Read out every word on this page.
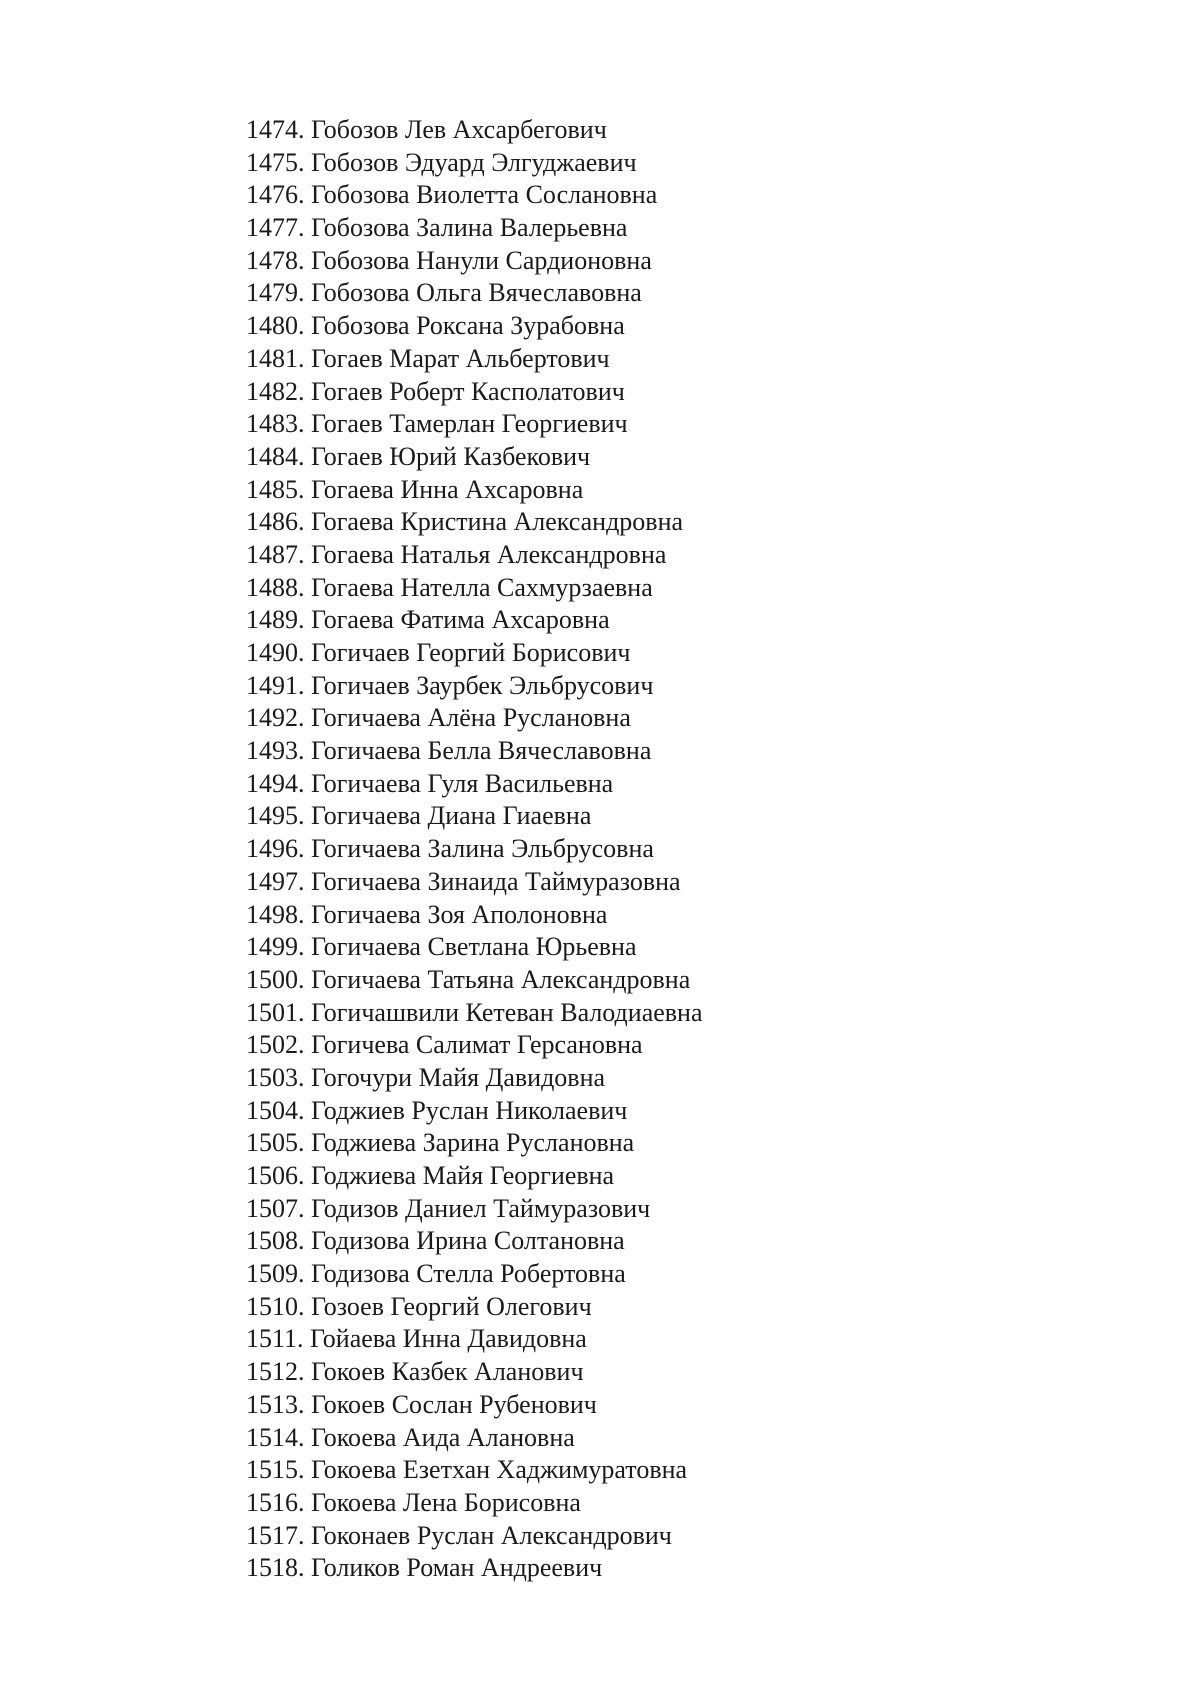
1474. Гобозов Лев Ахсарбегович
1475. Гобозов Эдуард Элгуджаевич
1476. Гобозова Виолетта Сослановна
1477. Гобозова Залина Валерьевна
1478. Гобозова Нанули Сардионовна
1479. Гобозова Ольга Вячеславовна
1480. Гобозова Роксана Зурабовна
1481. Гогаев Марат Альбертович
1482. Гогаев Роберт Касполатович
1483. Гогаев Тамерлан Георгиевич
1484. Гогаев Юрий Казбекович
1485. Гогаева Инна Ахсаровна
1486. Гогаева Кристина Александровна
1487. Гогаева Наталья Александровна
1488. Гогаева Нателла Сахмурзаевна
1489. Гогаева Фатима Ахсаровна
1490. Гогичаев Георгий Борисович
1491. Гогичаев Заурбек Эльбрусович
1492. Гогичаева Алёна Руслановна
1493. Гогичаева Белла Вячеславовна
1494. Гогичаева Гуля Васильевна
1495. Гогичаева Диана Гиаевна
1496. Гогичаева Залина Эльбрусовна
1497. Гогичаева Зинаида Таймуразовна
1498. Гогичаева Зоя Аполоновна
1499. Гогичаева Светлана Юрьевна
1500. Гогичаева Татьяна Александровна
1501. Гогичашвили Кетеван Валодиаевна
1502. Гогичева Салимат Герсановна
1503. Гогочури Майя Давидовна
1504. Годжиев Руслан Николаевич
1505. Годжиева Зарина Руслановна
1506. Годжиева Майя Георгиевна
1507. Годизов Даниел Таймуразович
1508. Годизова Ирина Солтановна
1509. Годизова Стелла Робертовна
1510. Гозоев Георгий Олегович
1511. Гойаева Инна Давидовна
1512. Гокоев Казбек Аланович
1513. Гокоев Сослан Рубенович
1514. Гокоева Аида Алановна
1515. Гокоева Езетхан Хаджимуратовна
1516. Гокоева Лена Борисовна
1517. Гоконаев Руслан Александрович
1518. Голиков Роман Андреевич
